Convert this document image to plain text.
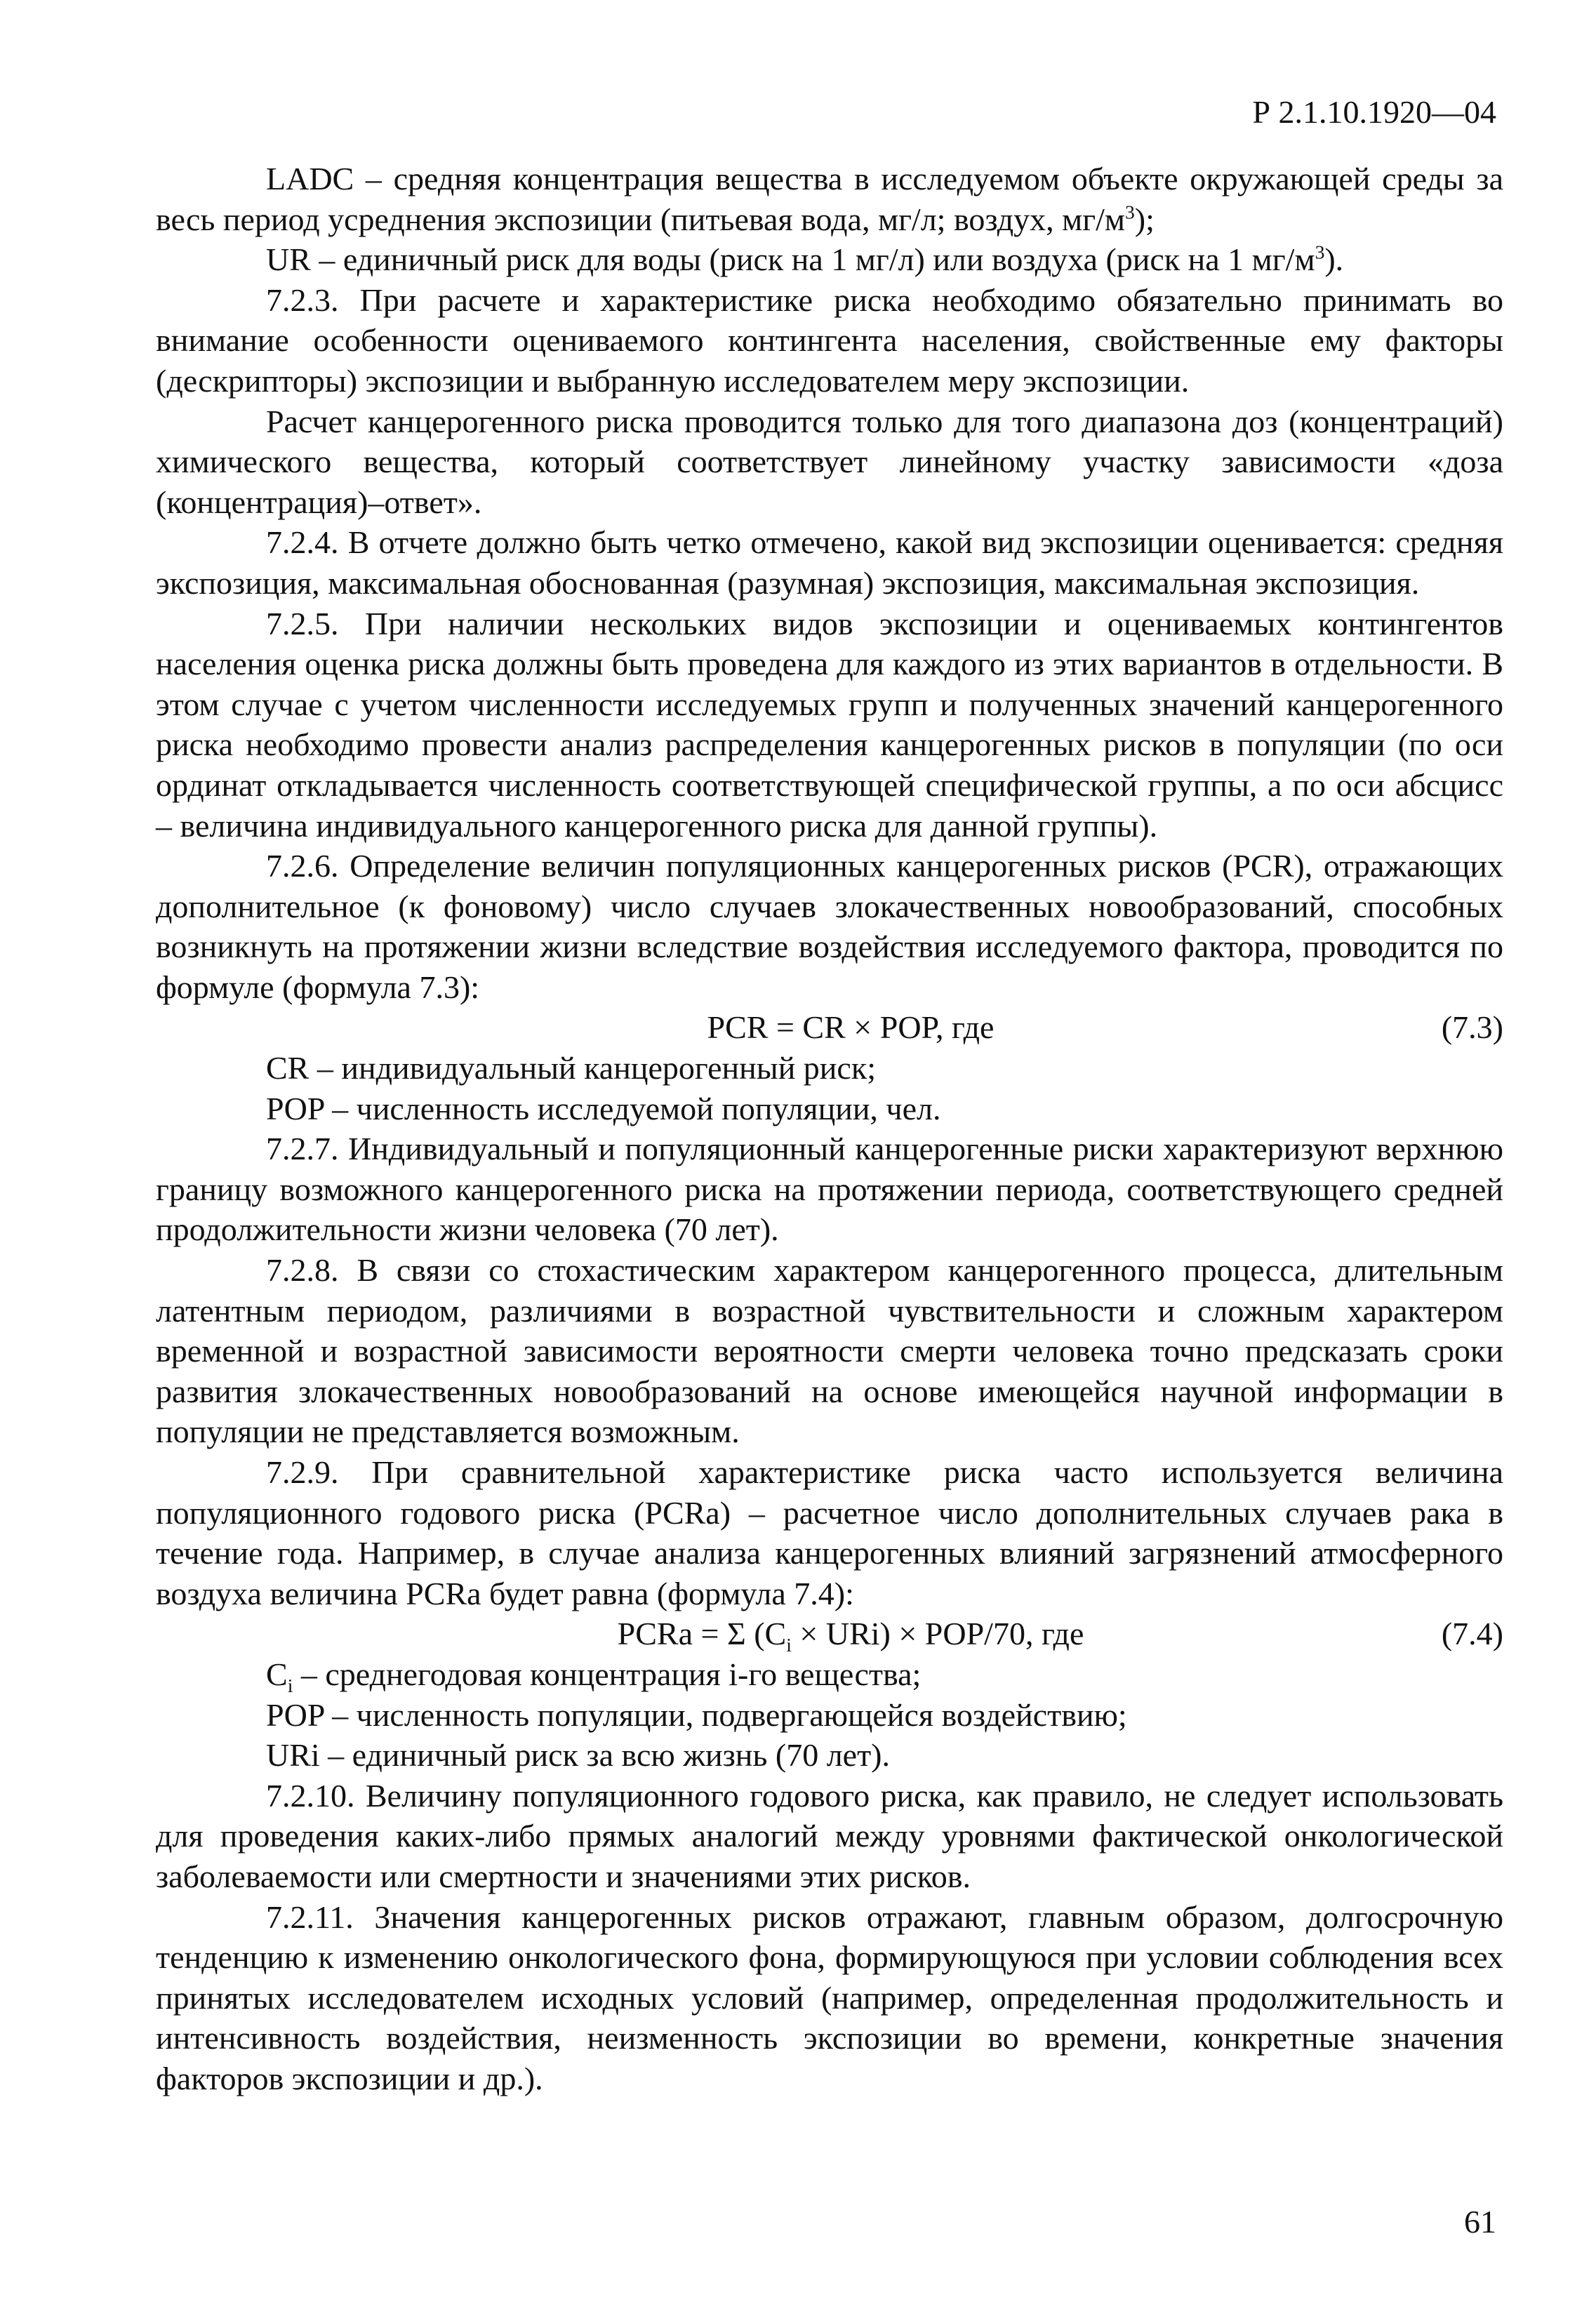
Р 2.1.10.1920—04

LADC – средняя концентрация вещества в исследуемом объекте окружающей среды за весь период усреднения экспозиции (питьевая вода, мг/л; воздух, $мг/м^3$);

UR – единичный риск для воды (риск на 1 мг/л) или воздуха (риск на 1 $мг/м^3$).

7.2.3. При расчете и характеристике риска необходимо обязательно принимать во внимание особенности оцениваемого контингента населения, свойственные ему факторы (дескрипторы) экспозиции и выбранную исследователем меру экспозиции.

Расчет канцерогенного риска проводится только для того диапазона доз (концентраций) химического вещества, который соответствует линейному участку зависимости «доза (концентрация)–ответ».

7.2.4. В отчете должно быть четко отмечено, какой вид экспозиции оценивается: средняя экспозиция, максимальная обоснованная (разумная) экспозиция, максимальная экспозиция.

7.2.5. При наличии нескольких видов экспозиции и оцениваемых контингентов населения оценка риска должны быть проведена для каждого из этих вариантов в отдельности. В этом случае с учетом численности исследуемых групп и полученных значений канцерогенного риска необходимо провести анализ распределения канцерогенных рисков в популяции (по оси ординат откладывается численность соответствующей специфической группы, а по оси абсцисс – величина индивидуального канцерогенного риска для данной группы).

7.2.6. Определение величин популяционных канцерогенных рисков (PCR), отражающих дополнительное (к фоновому) число случаев злокачественных новообразований, способных возникнуть на протяжении жизни вследствие воздействия исследуемого фактора, проводится по формуле (формула 7.3):

PCR = CR × POP, где	(7.3)

CR – индивидуальный канцерогенный риск;

POP – численность исследуемой популяции, чел.

7.2.7. Индивидуальный и популяционный канцерогенные риски характеризуют верхнюю границу возможного канцерогенного риска на протяжении периода, соответствующего средней продолжительности жизни человека (70 лет).

7.2.8. В связи со стохастическим характером канцерогенного процесса, длительным латентным периодом, различиями в возрастной чувствительности и сложным характером временной и возрастной зависимости вероятности смерти человека точно предсказать сроки развития злокачественных новообразований на основе имеющейся научной информации в популяции не представляется возможным.

7.2.9. При сравнительной характеристике риска часто используется величина популяционного годового риска (PCRa) – расчетное число дополнительных случаев рака в течение года. Например, в случае анализа канцерогенных влияний загрязнений атмосферного воздуха величина PCRa будет равна (формула 7.4):

PCRa = Σ $(C_i \times URi) \times POP/70$, где	(7.4)

$C_i$ – среднегодовая концентрация i-го вещества;

POP – численность популяции, подвергающейся воздействию;

URi – единичный риск за всю жизнь (70 лет).

7.2.10. Величину популяционного годового риска, как правило, не следует использовать для проведения каких-либо прямых аналогий между уровнями фактической онкологической заболеваемости или смертности и значениями этих рисков.

7.2.11. Значения канцерогенных рисков отражают, главным образом, долгосрочную тенденцию к изменению онкологического фона, формирующуюся при условии соблюдения всех принятых исследователем исходных условий (например, определенная продолжительность и интенсивность воздействия, неизменность экспозиции во времени, конкретные значения факторов экспозиции и др.).

61
